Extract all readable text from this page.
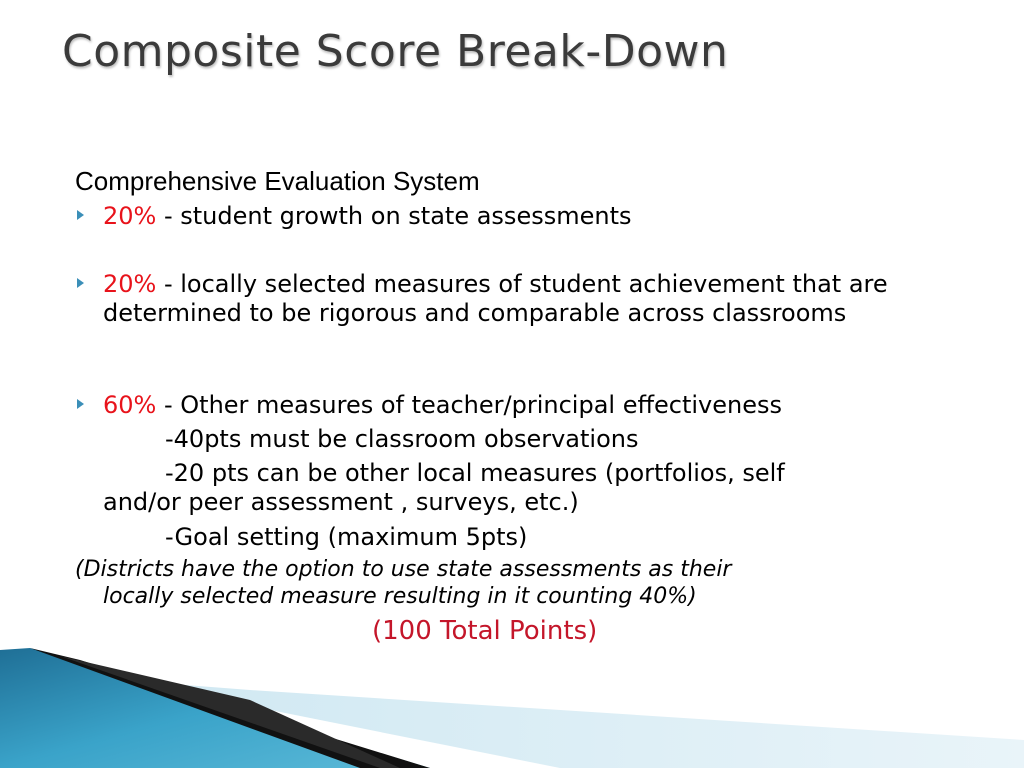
Composite Score Break-Down
Comprehensive Evaluation System
20% - student growth on state assessments
20% - locally selected measures of student achievement that are determined to be rigorous and comparable across classrooms
60% - Other measures of teacher/principal effectiveness
-40pts must be classroom observations
-20 pts can be other local measures (portfolios, self
and/or peer assessment , surveys, etc.)
-Goal setting (maximum 5pts)
(Districts have the option to use state assessments as their
locally selected measure resulting in it counting 40%)
(100 Total Points)
